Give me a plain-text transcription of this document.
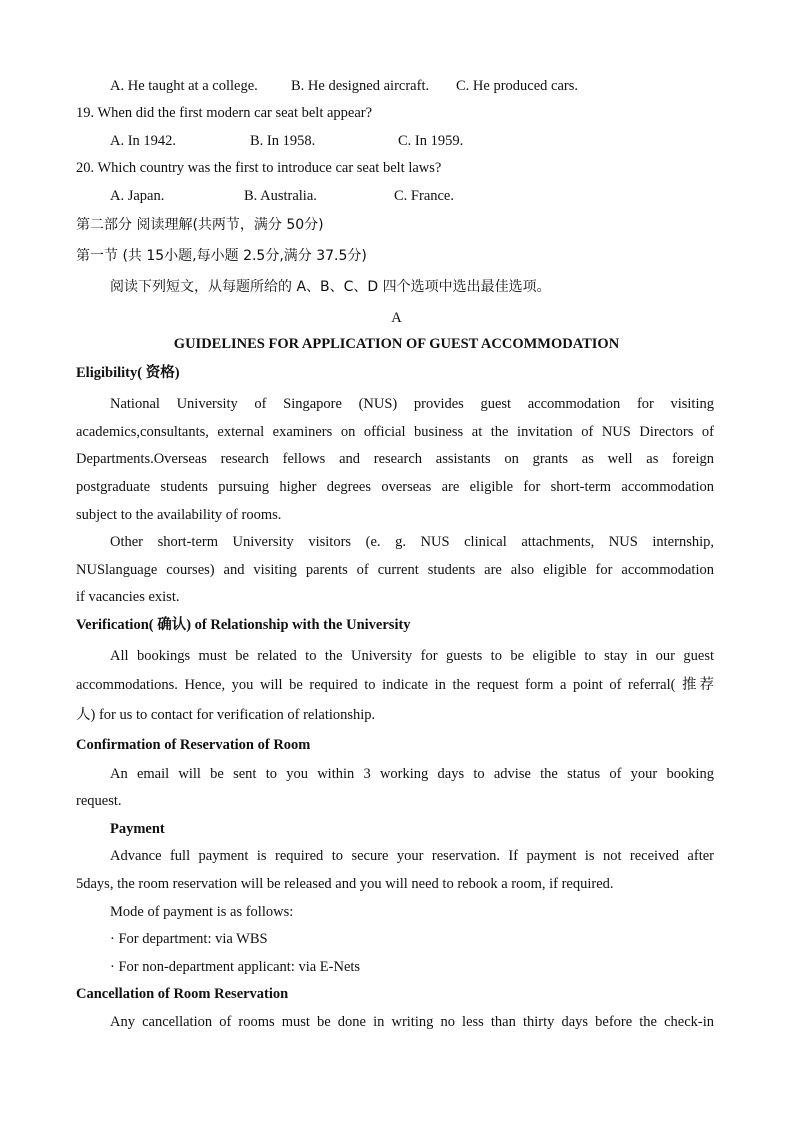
A. He taught at a college. B. He designed aircraft. C. He produced cars.
19. When did the first modern car seat belt appear?
A. In 1942.	B. In 1958.	C. In 1959.
20. Which country was the first to introduce car seat belt laws?
A. Japan.	B. Australia.	C. France.
第二部分 阅读理解(共两节，满分 50分)
第一节 (共 15小题,每小题 2.5分,满分 37.5分)
阅读下列短文，从每题所给的 A、B、C、D 四个选项中选出最佳选项。
A
GUIDELINES FOR APPLICATION OF GUEST ACCOMMODATION
Eligibility( 资格)
National University of Singapore (NUS) provides guest accommodation for visiting
academics,consultants, external examiners on official business at the invitation of NUS Directors of
Departments.Overseas research fellows and research assistants on grants as well as foreign
postgraduate students pursuing higher degrees overseas are eligible for short-term accommodation
subject to the availability of rooms.
Other short-term University visitors (e. g. NUS clinical attachments, NUS internship,
NUSlanguage courses) and visiting parents of current students are also eligible for accommodation
if vacancies exist.
Verification( 确认) of Relationship with the University
All bookings must be related to the University for guests to be eligible to stay in our guest
accommodations. Hence, you will be required to indicate in the request form a point of referral( 推荐
人) for us to contact for verification of relationship.
Confirmation of Reservation of Room
An email will be sent to you within 3 working days to advise the status of your booking
request.
Payment
Advance full payment is required to secure your reservation. If payment is not received after
5days, the room reservation will be released and you will need to rebook a room, if required.
Mode of payment is as follows:
· For department: via WBS
· For non-department applicant: via E-Nets
Cancellation of Room Reservation
Any cancellation of rooms must be done in writing no less than thirty days before the check-in
